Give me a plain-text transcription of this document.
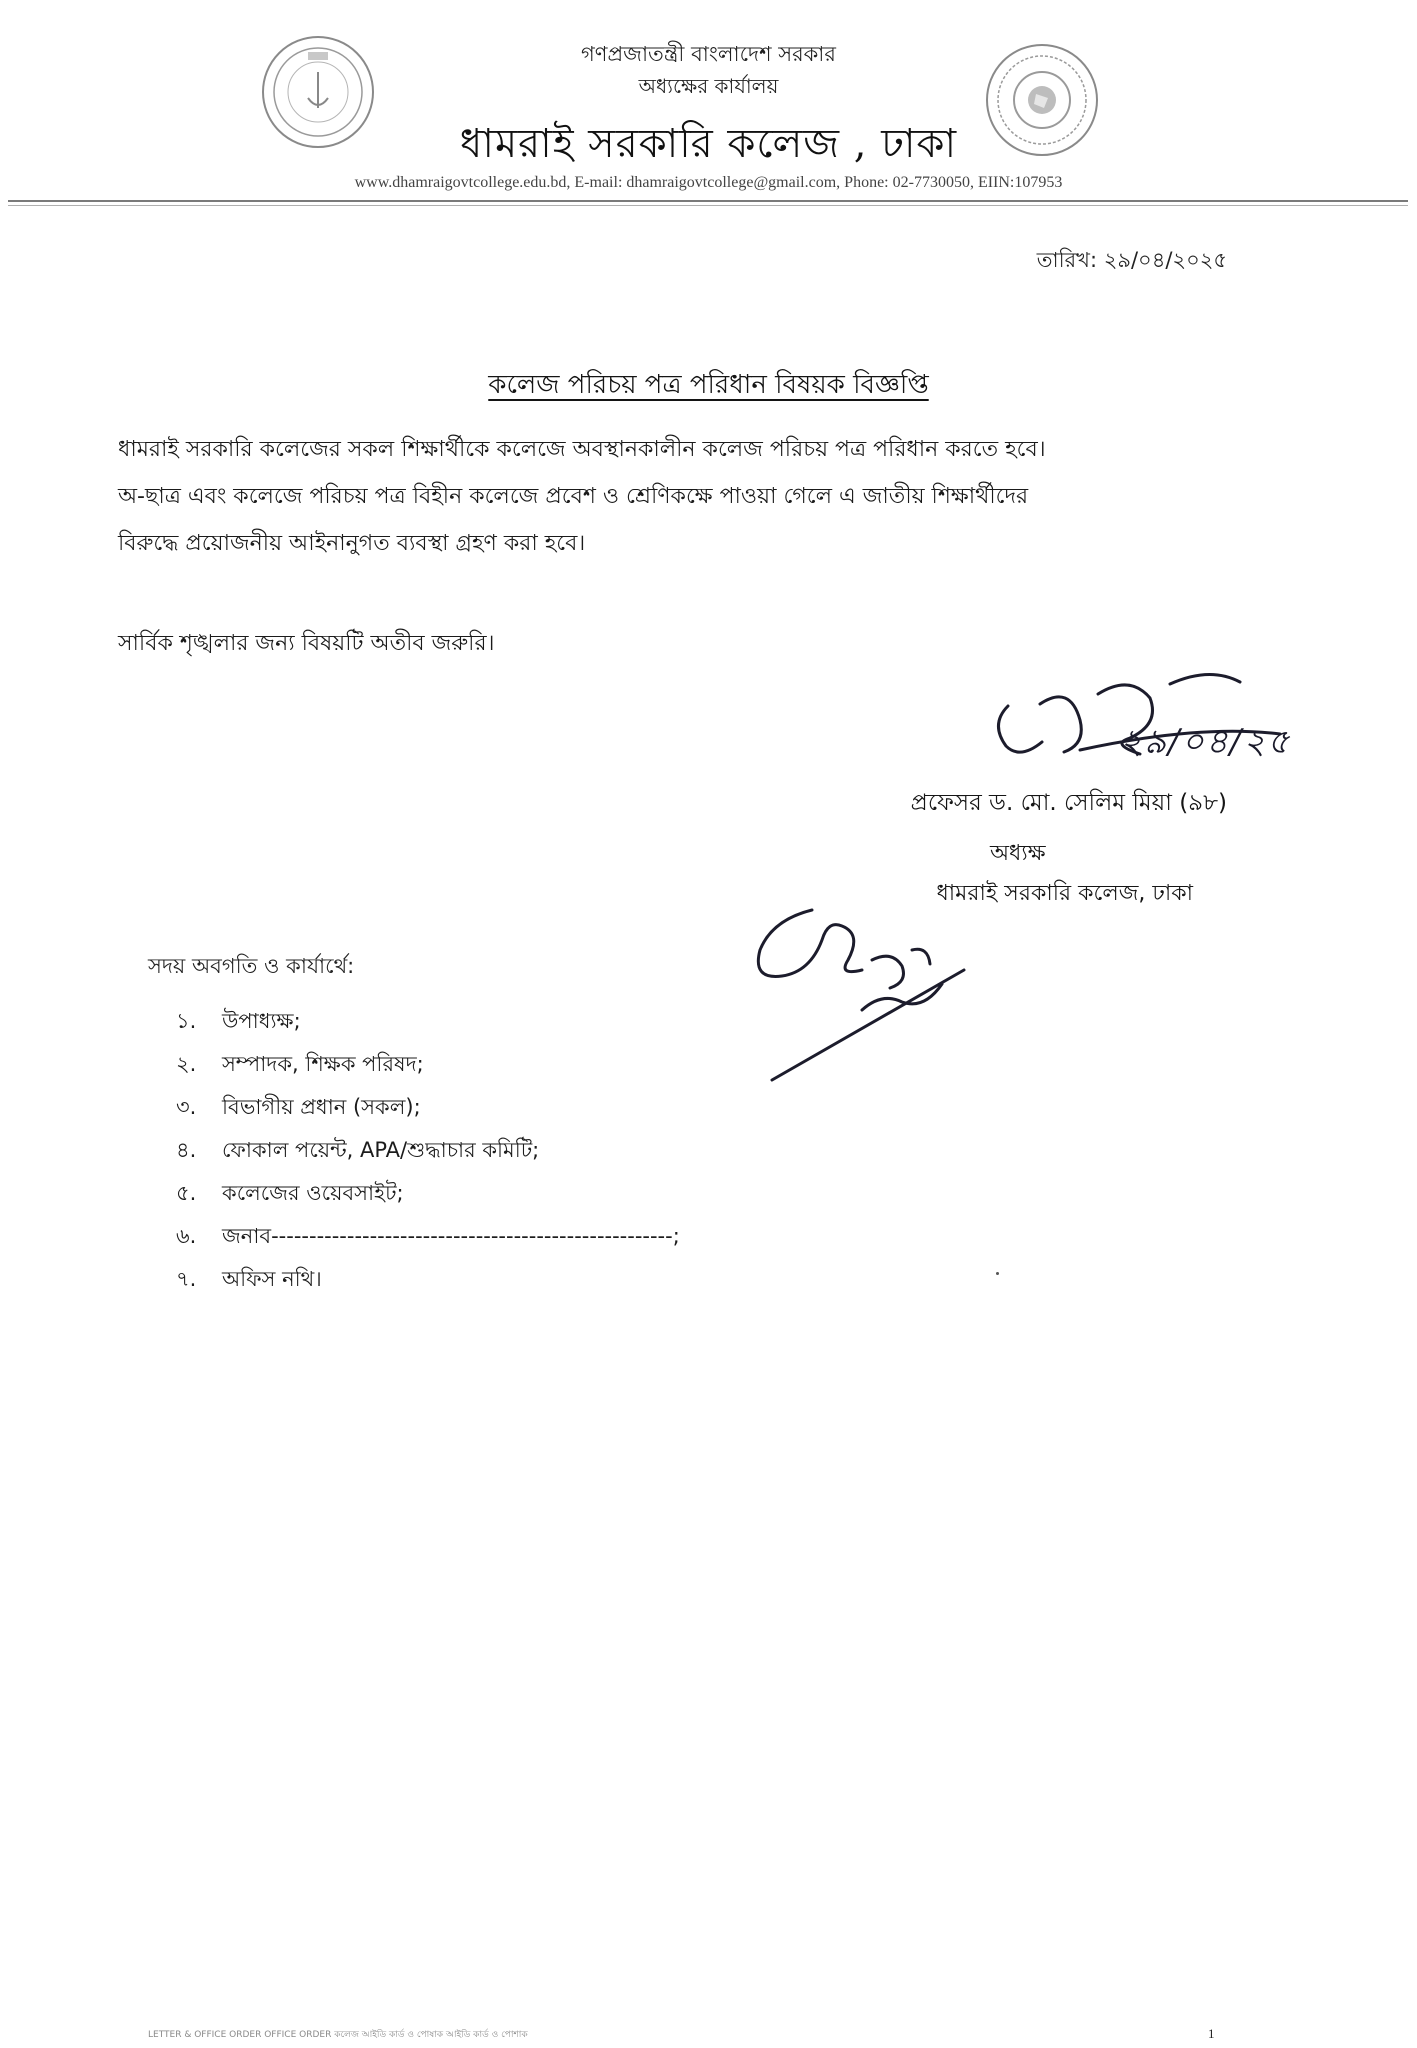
গণপ্রজাতন্ত্রী বাংলাদেশ সরকার
অধ্যক্ষের কার্যালয়
ধামরাই সরকারি কলেজ , ঢাকা
www.dhamraigovtcollege.edu.bd, E-mail: dhamraigovtcollege@gmail.com, Phone: 02-7730050, EIIN:107953
তারিখ: ২৯/০৪/২০২৫
কলেজ পরিচয় পত্র পরিধান বিষয়ক বিজ্ঞপ্তি

ধামরাই সরকারি কলেজের সকল শিক্ষার্থীকে কলেজে অবস্থানকালীন কলেজ পরিচয় পত্র পরিধান করতে হবে।
অ-ছাত্র এবং কলেজে পরিচয় পত্র বিহীন কলেজে প্রবেশ ও শ্রেণিকক্ষে পাওয়া গেলে এ জাতীয় শিক্ষার্থীদের
বিরুদ্ধে প্রয়োজনীয় আইনানুগত ব্যবস্থা গ্রহণ করা হবে।

সার্বিক শৃঙ্খলার জন্য বিষয়টি অতীব জরুরি।
২৯/০৪/২৫
প্রফেসর ড. মো. সেলিম মিয়া (৯৮)
অধ্যক্ষ
ধামরাই সরকারি কলেজ, ঢাকা
সদয় অবগতি ও কার্যার্থে:
১. উপাধ্যক্ষ;
২. সম্পাদক, শিক্ষক পরিষদ;
৩. বিভাগীয় প্রধান (সকল);
৪. ফোকাল পয়েন্ট, APA/শুদ্ধাচার কমিটি;
৫. কলেজের ওয়েবসাইট;
৬. জনাব-----------------------------------------------------;
৭. অফিস নথি।
LETTER & OFFICE ORDER OFFICE ORDER কলেজ আইডি কার্ড ও পোষাক আইডি কার্ড ও পোশাক	1
